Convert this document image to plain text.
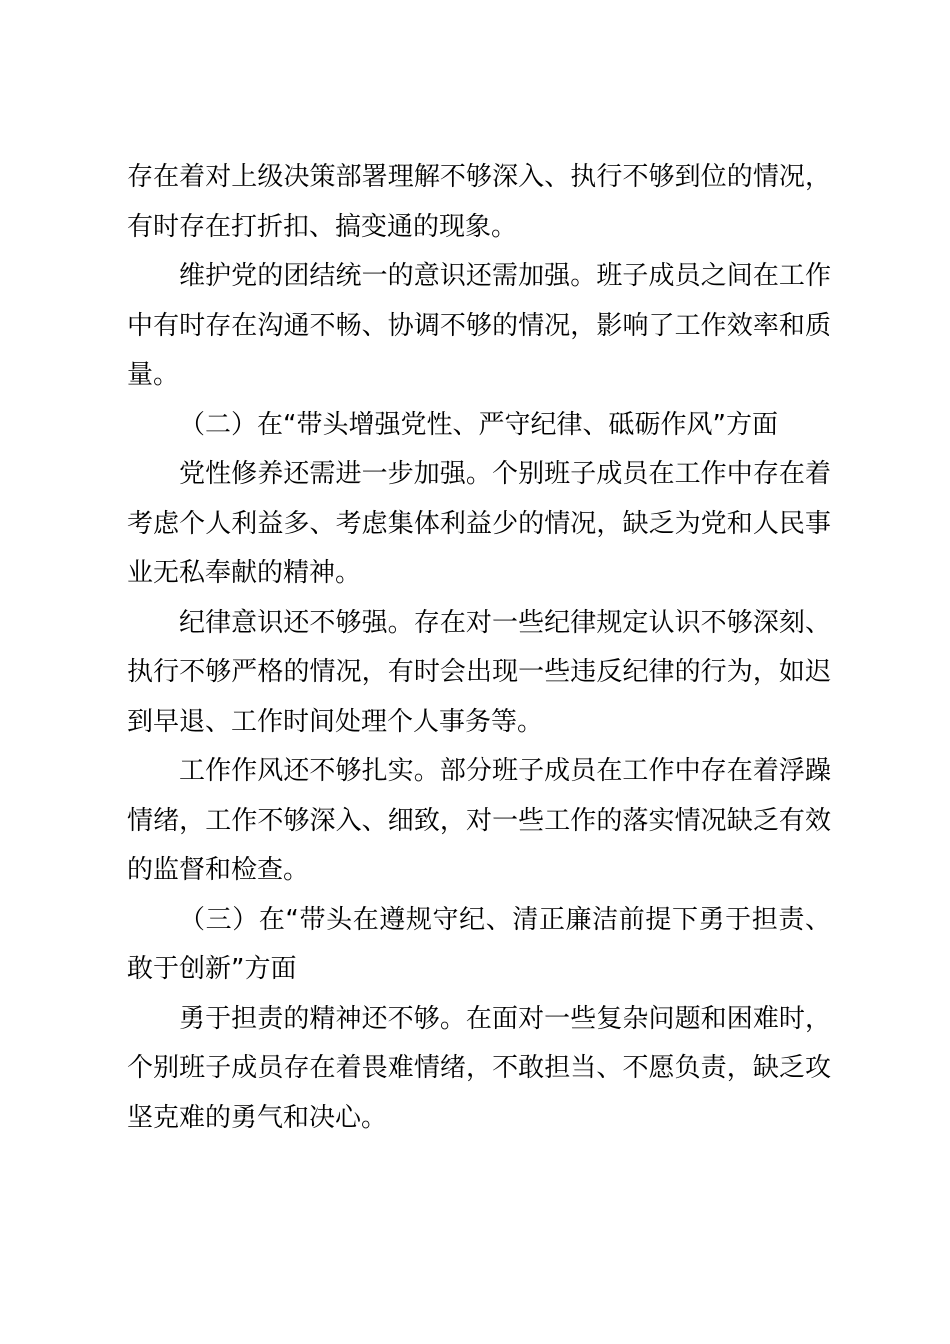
存在着对上级决策部署理解不够深入、执行不够到位的情况，有时存在打折扣、搞变通的现象。

维护党的团结统一的意识还需加强。班子成员之间在工作中有时存在沟通不畅、协调不够的情况，影响了工作效率和质量。

（二）在“带头增强党性、严守纪律、砥砺作风”方面

党性修养还需进一步加强。个别班子成员在工作中存在着考虑个人利益多、考虑集体利益少的情况，缺乏为党和人民事业无私奉献的精神。

纪律意识还不够强。存在对一些纪律规定认识不够深刻、执行不够严格的情况，有时会出现一些违反纪律的行为，如迟到早退、工作时间处理个人事务等。

工作作风还不够扎实。部分班子成员在工作中存在着浮躁情绪，工作不够深入、细致，对一些工作的落实情况缺乏有效的监督和检查。

（三）在“带头在遵规守纪、清正廉洁前提下勇于担责、敢于创新”方面

勇于担责的精神还不够。在面对一些复杂问题和困难时，个别班子成员存在着畏难情绪，不敢担当、不愿负责，缺乏攻坚克难的勇气和决心。
